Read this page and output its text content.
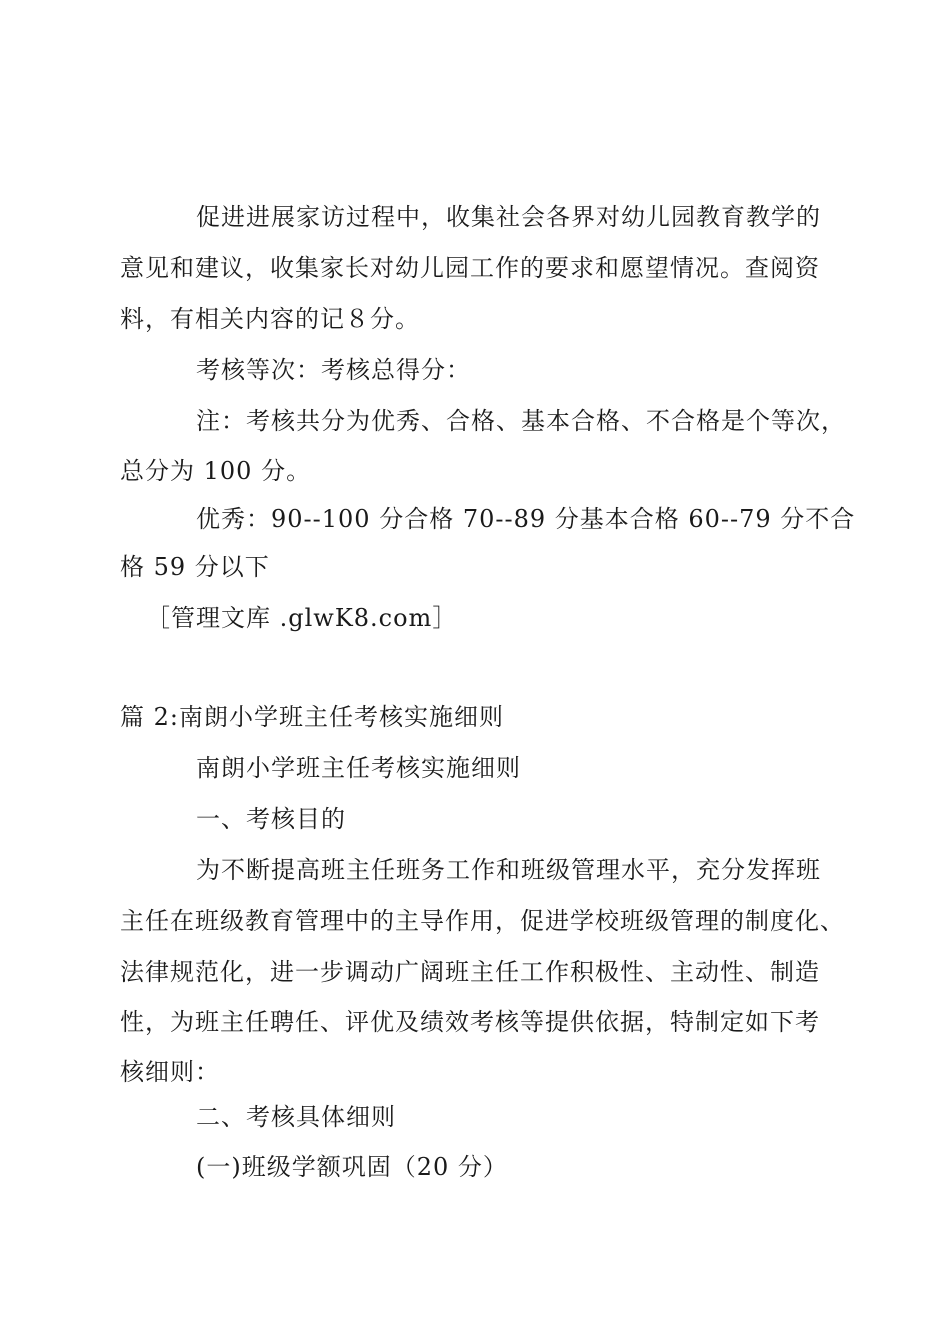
促进进展家访过程中，收集社会各界对幼儿园教育教学的
意见和建议，收集家长对幼儿园工作的要求和愿望情况。查阅资
料，有相关内容的记８分。
考核等次：考核总得分：
注：考核共分为优秀、合格、基本合格、不合格是个等次，
总分为 100 分。
优秀：90--100 分合格 70--89 分基本合格 60--79 分不合
格 59 分以下
［管理文库 .glwK8.com］
篇 2:南朗小学班主任考核实施细则
南朗小学班主任考核实施细则
一、考核目的
为不断提高班主任班务工作和班级管理水平，充分发挥班
主任在班级教育管理中的主导作用，促进学校班级管理的制度化、
法律规范化，进一步调动广阔班主任工作积极性、主动性、制造
性，为班主任聘任、评优及绩效考核等提供依据，特制定如下考
核细则：
二、考核具体细则
(一)班级学额巩固（20 分）
